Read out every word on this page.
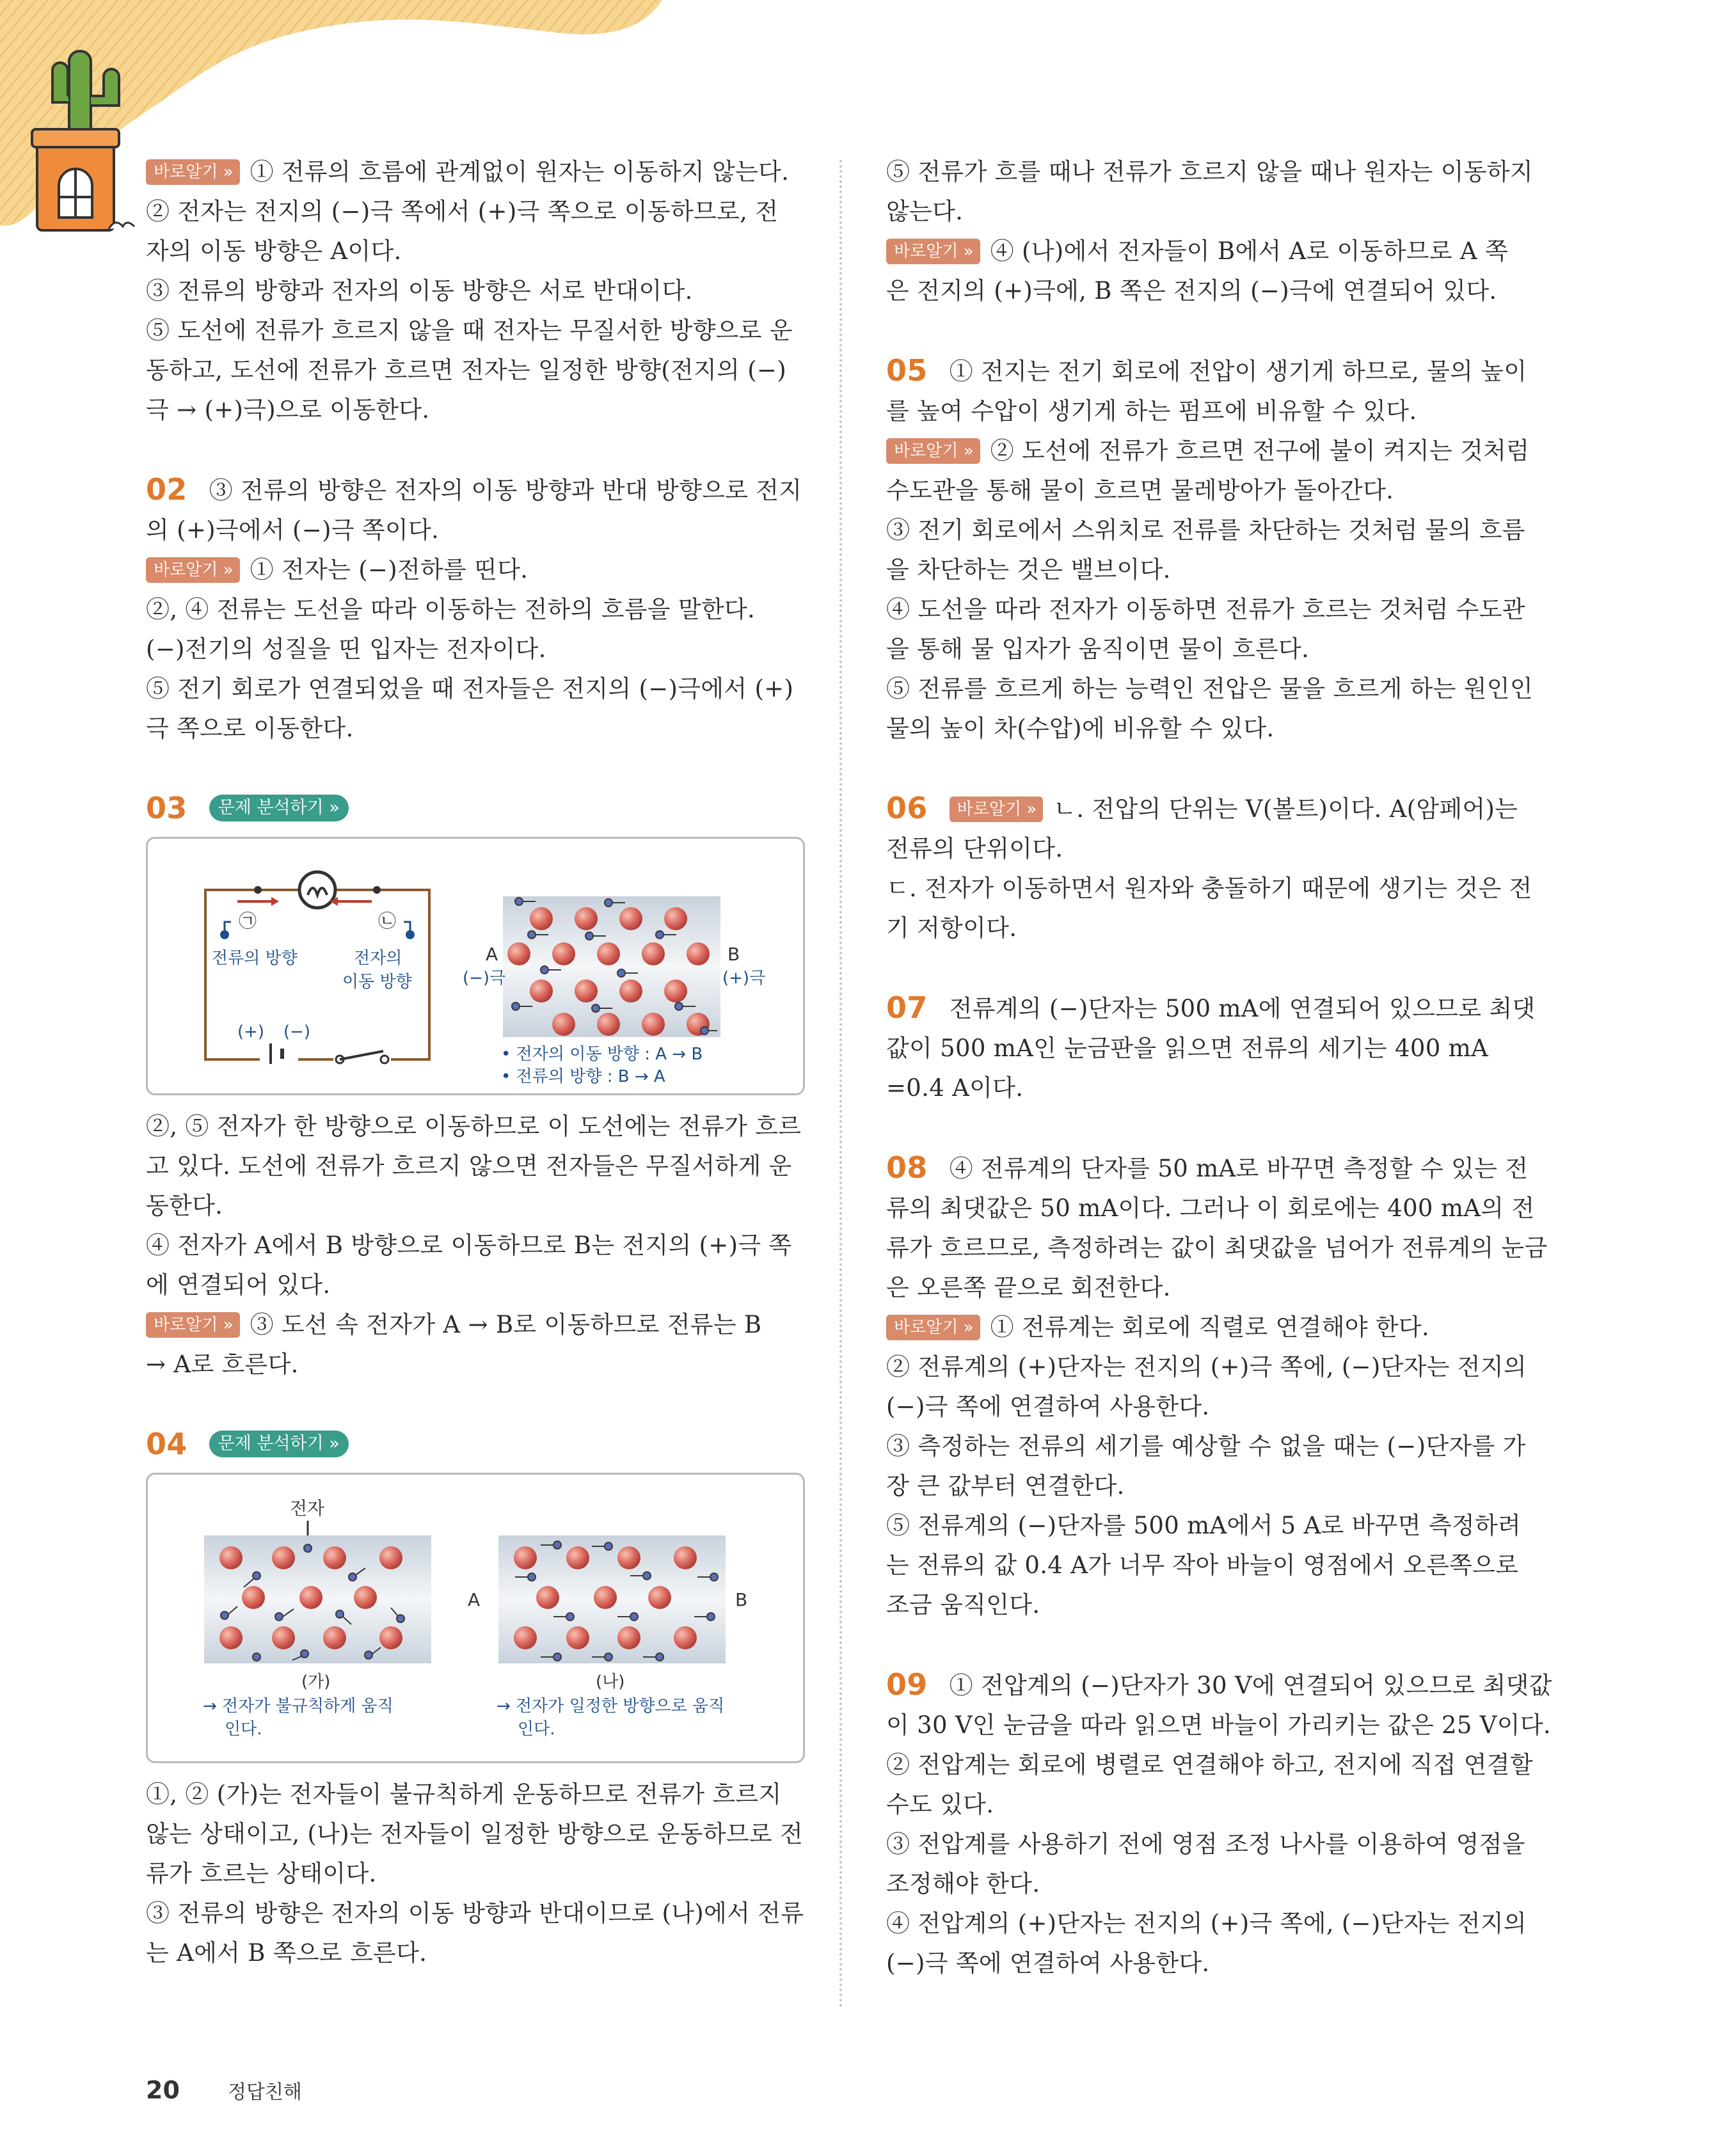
바로알기 » ① 전류의 흐름에 관계없이 원자는 이동하지 않는다.
② 전자는 전지의 (−)극 쪽에서 (+)극 쪽으로 이동하므로, 전
자의 이동 방향은 A이다.
③ 전류의 방향과 전자의 이동 방향은 서로 반대이다.
⑤ 도선에 전류가 흐르지 않을 때 전자는 무질서한 방향으로 운
동하고, 도선에 전류가 흐르면 전자는 일정한 방향(전지의 (−)
극 → (+)극)으로 이동한다.
02 ③ 전류의 방향은 전자의 이동 방향과 반대 방향으로 전지
의 (+)극에서 (−)극 쪽이다.
바로알기 » ① 전자는 (−)전하를 띤다.
②, ④ 전류는 도선을 따라 이동하는 전하의 흐름을 말한다.
(−)전기의 성질을 띤 입자는 전자이다.
⑤ 전기 회로가 연결되었을 때 전자들은 전지의 (−)극에서 (+)
극 쪽으로 이동한다.
03 문제 분석하기 »
㉠	㉡
전류의 방향	전자의
이동 방향
(+) (−)
A	B
(−)극	(+)극
• 전자의 이동 방향 : A → B
• 전류의 방향 : B → A
②, ⑤ 전자가 한 방향으로 이동하므로 이 도선에는 전류가 흐르
고 있다. 도선에 전류가 흐르지 않으면 전자들은 무질서하게 운
동한다.
④ 전자가 A에서 B 방향으로 이동하므로 B는 전지의 (+)극 쪽
에 연결되어 있다.
바로알기 » ③ 도선 속 전자가 A → B로 이동하므로 전류는 B
→ A로 흐른다.
04 문제 분석하기 »
전자
A	B
(가)	(나)
→ 전자가 불규칙하게 움직
인다.
→ 전자가 일정한 방향으로 움직
인다.
①, ② (가)는 전자들이 불규칙하게 운동하므로 전류가 흐르지
않는 상태이고, (나)는 전자들이 일정한 방향으로 운동하므로 전
류가 흐르는 상태이다.
③ 전류의 방향은 전자의 이동 방향과 반대이므로 (나)에서 전류
는 A에서 B 쪽으로 흐른다.
⑤ 전류가 흐를 때나 전류가 흐르지 않을 때나 원자는 이동하지
않는다.
바로알기 » ④ (나)에서 전자들이 B에서 A로 이동하므로 A 쪽
은 전지의 (+)극에, B 쪽은 전지의 (−)극에 연결되어 있다.
05 ① 전지는 전기 회로에 전압이 생기게 하므로, 물의 높이
를 높여 수압이 생기게 하는 펌프에 비유할 수 있다.
바로알기 » ② 도선에 전류가 흐르면 전구에 불이 켜지는 것처럼
수도관을 통해 물이 흐르면 물레방아가 돌아간다.
③ 전기 회로에서 스위치로 전류를 차단하는 것처럼 물의 흐름
을 차단하는 것은 밸브이다.
④ 도선을 따라 전자가 이동하면 전류가 흐르는 것처럼 수도관
을 통해 물 입자가 움직이면 물이 흐른다.
⑤ 전류를 흐르게 하는 능력인 전압은 물을 흐르게 하는 원인인
물의 높이 차(수압)에 비유할 수 있다.
06 바로알기 » ㄴ. 전압의 단위는 V(볼트)이다. A(암페어)는
전류의 단위이다.
ㄷ. 전자가 이동하면서 원자와 충돌하기 때문에 생기는 것은 전
기 저항이다.
07 전류계의 (−)단자는 500 mA에 연결되어 있으므로 최댓
값이 500 mA인 눈금판을 읽으면 전류의 세기는 400 mA
=0.4 A이다.
08 ④ 전류계의 단자를 50 mA로 바꾸면 측정할 수 있는 전
류의 최댓값은 50 mA이다. 그러나 이 회로에는 400 mA의 전
류가 흐르므로, 측정하려는 값이 최댓값을 넘어가 전류계의 눈금
은 오른쪽 끝으로 회전한다.
바로알기 » ① 전류계는 회로에 직렬로 연결해야 한다.
② 전류계의 (+)단자는 전지의 (+)극 쪽에, (−)단자는 전지의
(−)극 쪽에 연결하여 사용한다.
③ 측정하는 전류의 세기를 예상할 수 없을 때는 (−)단자를 가
장 큰 값부터 연결한다.
⑤ 전류계의 (−)단자를 500 mA에서 5 A로 바꾸면 측정하려
는 전류의 값 0.4 A가 너무 작아 바늘이 영점에서 오른쪽으로
조금 움직인다.
09 ① 전압계의 (−)단자가 30 V에 연결되어 있으므로 최댓값
이 30 V인 눈금을 따라 읽으면 바늘이 가리키는 값은 25 V이다.
② 전압계는 회로에 병렬로 연결해야 하고, 전지에 직접 연결할
수도 있다.
③ 전압계를 사용하기 전에 영점 조정 나사를 이용하여 영점을
조정해야 한다.
④ 전압계의 (+)단자는 전지의 (+)극 쪽에, (−)단자는 전지의
(−)극 쪽에 연결하여 사용한다.
20	정답친해
